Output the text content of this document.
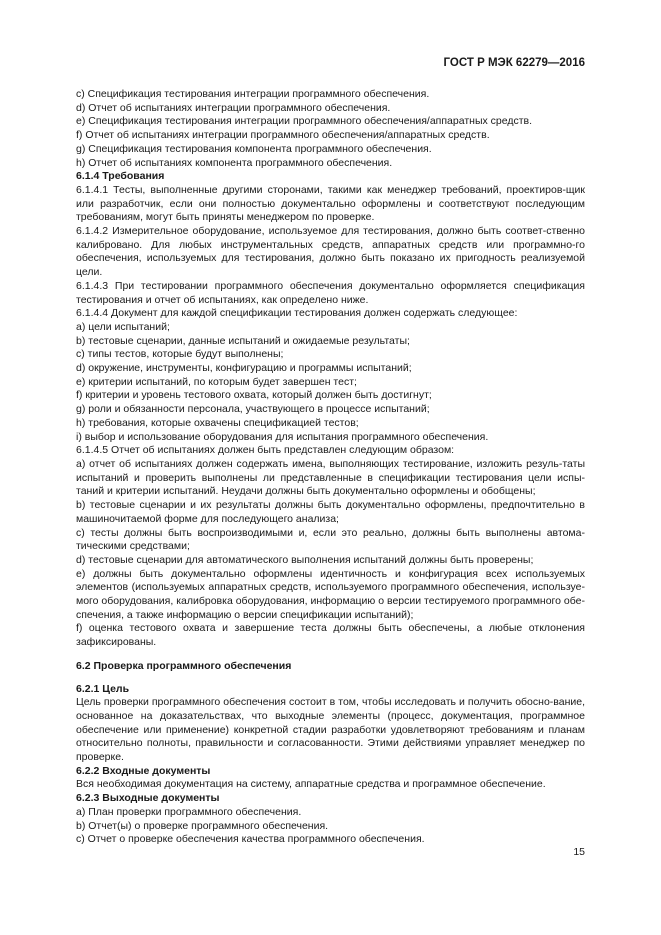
ГОСТ Р МЭК 62279—2016

c) Спецификация тестирования интеграции программного обеспечения.

d) Отчет об испытаниях интеграции программного обеспечения.

e) Спецификация тестирования интеграции программного обеспечения/аппаратных средств.

f) Отчет об испытаниях интеграции программного обеспечения/аппаратных средств.

g) Спецификация тестирования компонента программного обеспечения.

h) Отчет об испытаниях компонента программного обеспечения.

6.1.4 Требования

6.1.4.1 Тесты, выполненные другими сторонами, такими как менеджер требований, проектиров-щик или разработчик, если они полностью документально оформлены и соответствуют последующим требованиям, могут быть приняты менеджером по проверке.

6.1.4.2 Измерительное оборудование, используемое для тестирования, должно быть соответ-ственно калибровано. Для любых инструментальных средств, аппаратных средств или программно-го обеспечения, используемых для тестирования, должно быть показано их пригодность реализуемой цели.

6.1.4.3 При тестировании программного обеспечения документально оформляется спецификация тестирования и отчет об испытаниях, как определено ниже.

6.1.4.4 Документ для каждой спецификации тестирования должен содержать следующее:

a) цели испытаний;

b) тестовые сценарии, данные испытаний и ожидаемые результаты;

c) типы тестов, которые будут выполнены;

d) окружение, инструменты, конфигурацию и программы испытаний;

e) критерии испытаний, по которым будет завершен тест;

f) критерии и уровень тестового охвата, который должен быть достигнут;

g) роли и обязанности персонала, участвующего в процессе испытаний;

h) требования, которые охвачены спецификацией тестов;

i) выбор и использование оборудования для испытания программного обеспечения.

6.1.4.5 Отчет об испытаниях должен быть представлен следующим образом:

a) отчет об испытаниях должен содержать имена, выполняющих тестирование, изложить резуль-таты испытаний и проверить выполнены ли представленные в спецификации тестирования цели испы-таний и критерии испытаний. Неудачи должны быть документально оформлены и обобщены;

b) тестовые сценарии и их результаты должны быть документально оформлены, предпочтительно в машиночитаемой форме для последующего анализа;

c) тесты должны быть воспроизводимыми и, если это реально, должны быть выполнены автома-тическими средствами;

d) тестовые сценарии для автоматического выполнения испытаний должны быть проверены;

e) должны быть документально оформлены идентичность и конфигурация всех используемых элементов (используемых аппаратных средств, используемого программного обеспечения, используе-мого оборудования, калибровка оборудования, информацию о версии тестируемого программного обе-спечения, а также информацию о версии спецификации испытаний);

f) оценка тестового охвата и завершение теста должны быть обеспечены, а любые отклонения зафиксированы.

6.2 Проверка программного обеспечения

6.2.1 Цель

Цель проверки программного обеспечения состоит в том, чтобы исследовать и получить обосно-вание, основанное на доказательствах, что выходные элементы (процесс, документация, программное обеспечение или применение) конкретной стадии разработки удовлетворяют требованиям и планам относительно полноты, правильности и согласованности. Этими действиями управляет менеджер по проверке.

6.2.2 Входные документы

Вся необходимая документация на систему, аппаратные средства и программное обеспечение.

6.2.3 Выходные документы

a) План проверки программного обеспечения.

b) Отчет(ы) о проверке программного обеспечения.

c) Отчет о проверке обеспечения качества программного обеспечения.

15
